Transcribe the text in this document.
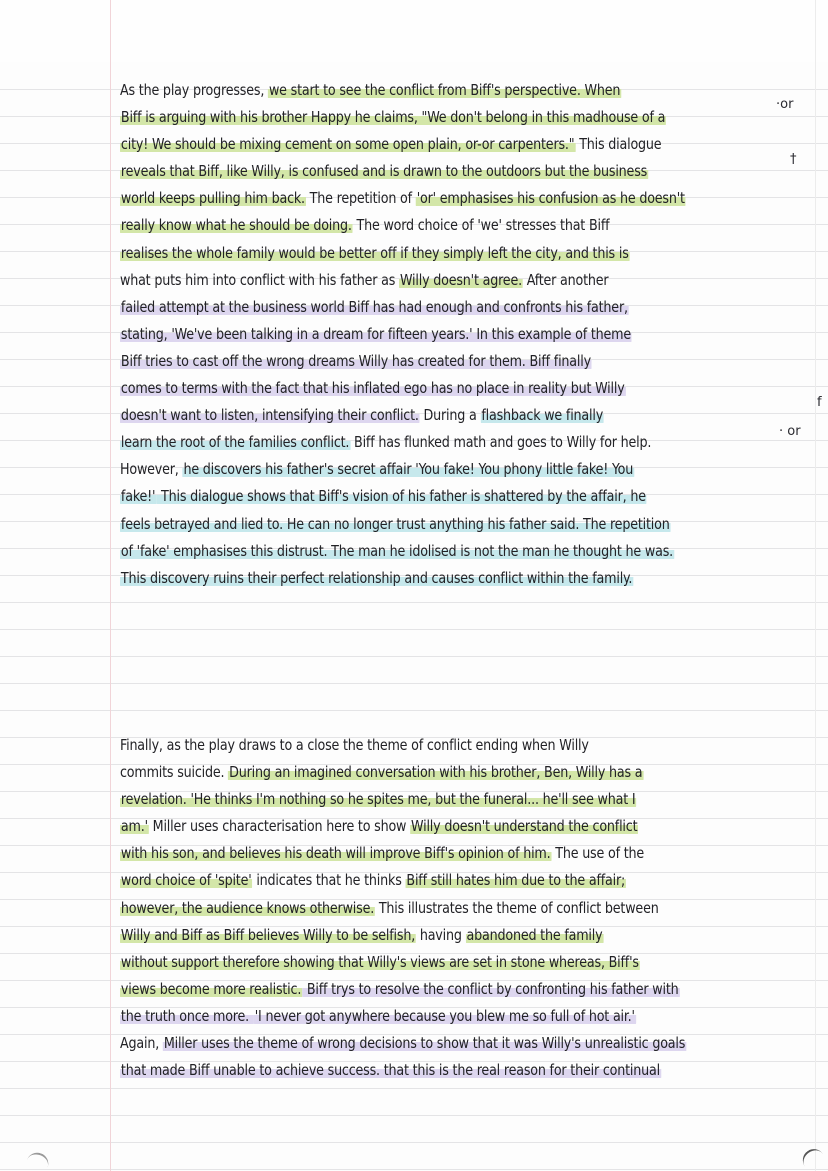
As the play progresses, we start to see the conflict from Biff's perspective. When
Biff is arguing with his brother Happy he claims, "We don't belong in this madhouse of a
city! We should be mixing cement on some open plain, or-or carpenters." This dialogue
reveals that Biff, like Willy, is confused and is drawn to the outdoors but the business
world keeps pulling him back. The repetition of 'or' emphasises his confusion as he doesn't
really know what he should be doing. The word choice of 'we' stresses that Biff
realises the whole family would be better off if they simply left the city, and this is
what puts him into conflict with his father as Willy doesn't agree. After another
failed attempt at the business world Biff has had enough and confronts his father,
stating, 'We've been talking in a dream for fifteen years.' In this example of theme
Biff tries to cast off the wrong dreams Willy has created for them. Biff finally
comes to terms with the fact that his inflated ego has no place in reality but Willy
doesn't want to listen, intensifying their conflict. During a flashback we finally
learn the root of the families conflict. Biff has flunked math and goes to Willy for help.
However, he discovers his father's secret affair 'You fake! You phony little fake! You
fake!' This dialogue shows that Biff's vision of his father is shattered by the affair, he
feels betrayed and lied to. He can no longer trust anything his father said. The repetition
of 'fake' emphasises this distrust. The man he idolised is not the man he thought he was.
This discovery ruins their perfect relationship and causes conflict within the family.
Finally, as the play draws to a close the theme of conflict ending when Willy
commits suicide. During an imagined conversation with his brother, Ben, Willy has a
revelation. 'He thinks I'm nothing so he spites me, but the funeral... he'll see what I
am.' Miller uses characterisation here to show Willy doesn't understand the conflict
with his son, and believes his death will improve Biff's opinion of him. The use of the
word choice of 'spite' indicates that he thinks Biff still hates him due to the affair;
however, the audience knows otherwise. This illustrates the theme of conflict between
Willy and Biff as Biff believes Willy to be selfish, having abandoned the family
without support therefore showing that Willy's views are set in stone whereas, Biff's
views become more realistic. Biff trys to resolve the conflict by confronting his father with
the truth once more. 'I never got anywhere because you blew me so full of hot air.'
Again, Miller uses the theme of wrong decisions to show that it was Willy's unrealistic goals
that made Biff unable to achieve success. that this is the real reason for their continual
·or
†
f
· or
